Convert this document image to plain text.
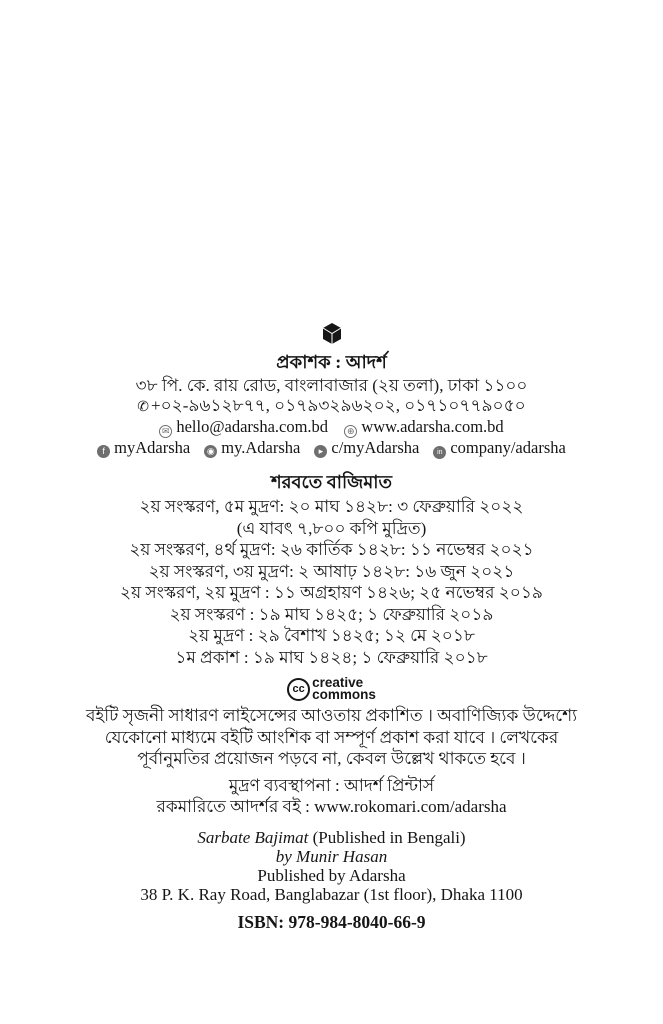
প্রকাশক : আদর্শ
৩৮ পি. কে. রায় রোড, বাংলাবাজার (২য় তলা), ঢাকা ১১০০
✆ +০২-৯৬১২৮৭৭, ০১৭৯৩২৯৬২০২, ০১৭১০৭৭৯০৫০
✉ hello@adarsha.com.bd ⊕ www.adarsha.com.bd
f myAdarsha ◉ my.Adarsha ▸ c/myAdarsha	in company/adarsha
শরবতে বাজিমাত
২য় সংস্করণ, ৫ম মুদ্রণ: ২০ মাঘ ১৪২৮: ৩ ফেব্রুয়ারি ২০২২
(এ যাবৎ ৭,৮০০ কপি মুদ্রিত)
২য় সংস্করণ, ৪র্থ মুদ্রণ: ২৬ কার্তিক ১৪২৮: ১১ নভেম্বর ২০২১
২য় সংস্করণ, ৩য় মুদ্রণ: ২ আষাঢ় ১৪২৮: ১৬ জুন ২০২১
২য় সংস্করণ, ২য় মুদ্রণ : ১১ অগ্রহায়ণ ১৪২৬; ২৫ নভেম্বর ২০১৯
২য় সংস্করণ : ১৯ মাঘ ১৪২৫; ১ ফেব্রুয়ারি ২০১৯
২য় মুদ্রণ : ২৯ বৈশাখ ১৪২৫; ১২ মে ২০১৮
১ম প্রকাশ : ১৯ মাঘ ১৪২৪; ১ ফেব্রুয়ারি ২০১৮
cc creative
commons
বইটি সৃজনী সাধারণ লাইসেন্সের আওতায় প্রকাশিত । অবাণিজ্যিক উদ্দেশ্যে
যেকোনো মাধ্যমে বইটি আংশিক বা সম্পূর্ণ প্রকাশ করা যাবে । লেখকের
পূর্বানুমতির প্রয়োজন পড়বে না, কেবল উল্লেখ থাকতে হবে ।
মুদ্রণ ব্যবস্থাপনা : আদর্শ প্রিন্টার্স
রকমারিতে আদর্শর বই : www.rokomari.com/adarsha
Sarbate Bajimat (Published in Bengali)
by Munir Hasan
Published by Adarsha
38 P. K. Ray Road, Banglabazar (1st floor), Dhaka 1100
ISBN: 978-984-8040-66-9
